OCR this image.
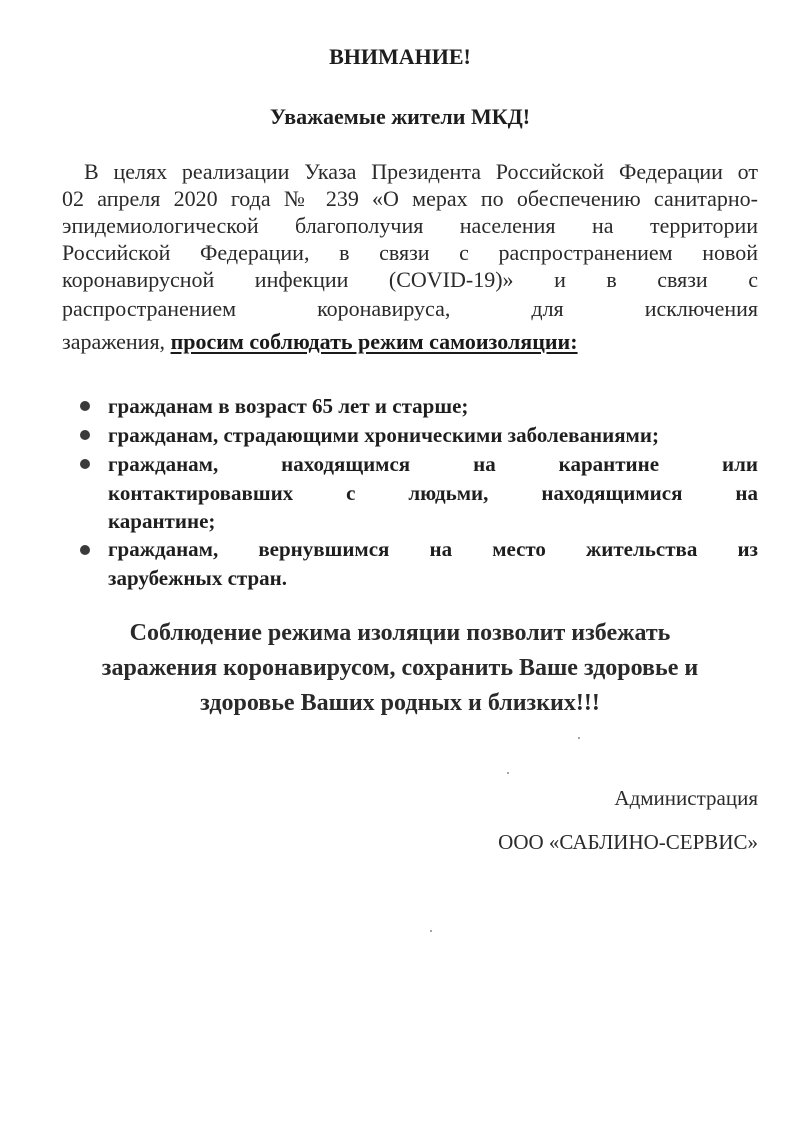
ВНИМАНИЕ!
Уважаемые жители МКД!
В целях реализации Указа Президента Российской Федерации от
02 апреля 2020 года № 239 «О мерах по обеспечению санитарно-
эпидемиологической благополучия населения на территории
Российской Федерации, в связи с распространением новой
коронавирусной инфекции (COVID-19)» и в связи с
распространением коронавируса, для исключения
заражения, просим соблюдать режим самоизоляции:
гражданам в возраст 65 лет и старше;
гражданам, страдающими хроническими заболеваниями;
гражданам, находящимся на карантине или
контактировавших с людьми, находящимися на
карантине;
гражданам, вернувшимся на место жительства из
зарубежных стран.
Соблюдение режима изоляции позволит избежать
заражения коронавирусом, сохранить Ваше здоровье и
здоровье Ваших родных и близких!!!
Администрация
ООО «САБЛИНО-СЕРВИС»
